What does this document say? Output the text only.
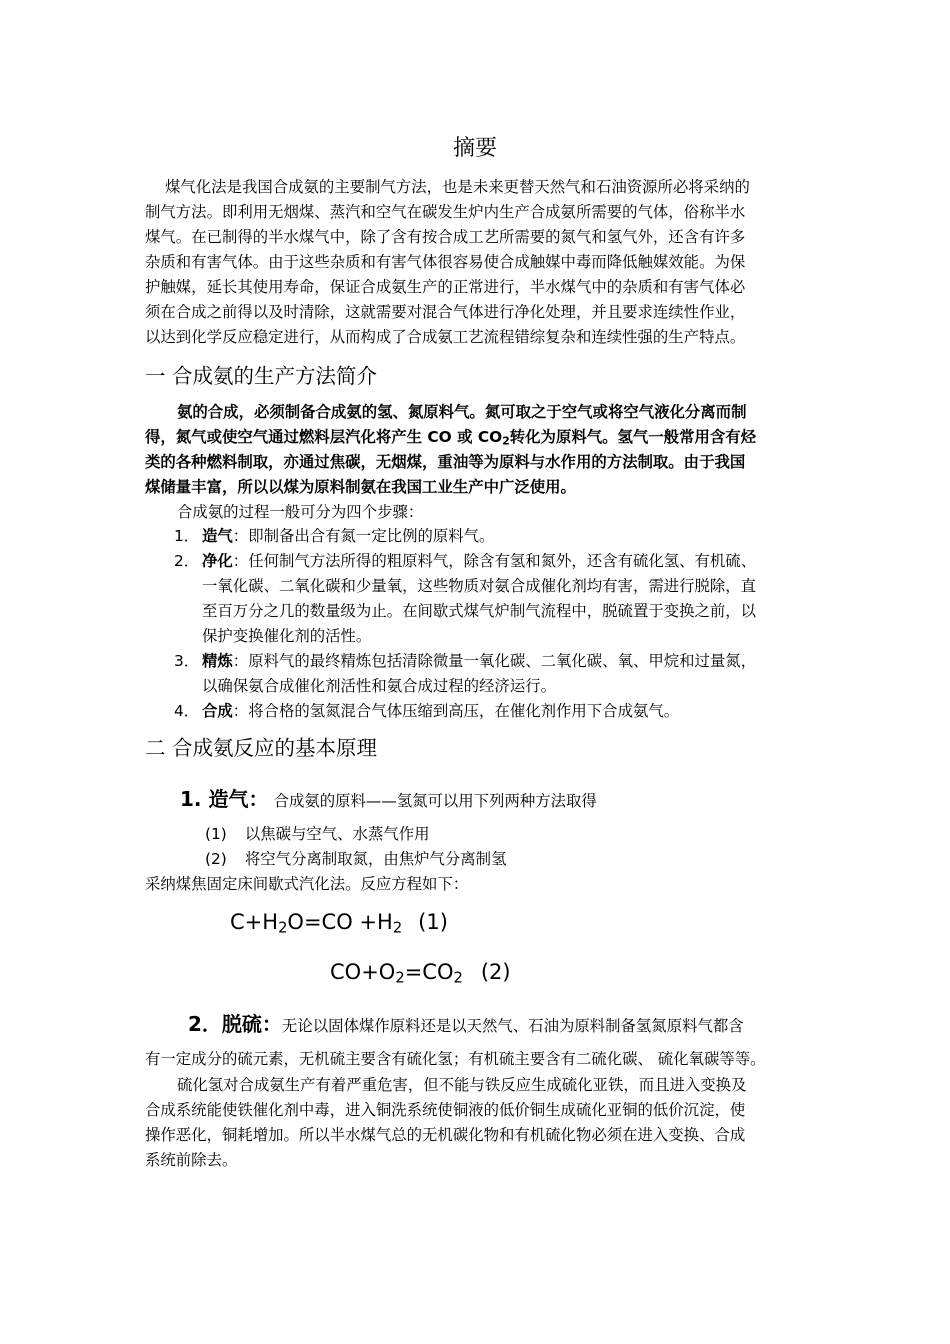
摘要
煤气化法是我国合成氨的主要制气方法，也是未来更替天然气和石油资源所必将采纳的
制气方法。即利用无烟煤、蒸汽和空气在碳发生炉内生产合成氨所需要的气体，俗称半水
煤气。在已制得的半水煤气中，除了含有按合成工艺所需要的氮气和氢气外，还含有许多
杂质和有害气体。由于这些杂质和有害气体很容易使合成触媒中毒而降低触媒效能。为保
护触媒，延长其使用寿命，保证合成氨生产的正常进行，半水煤气中的杂质和有害气体必
须在合成之前得以及时清除，这就需要对混合气体进行净化处理，并且要求连续性作业，
以达到化学反应稳定进行，从而构成了合成氨工艺流程错综复杂和连续性强的生产特点。
一 合成氨的生产方法简介
氨的合成，必须制备合成氨的氢、氮原料气。氮可取之于空气或将空气液化分离而制
得，氮气或使空气通过燃料层汽化将产生 CO 或 $CO_2$转化为原料气。氢气一般常用含有烃
类的各种燃料制取，亦通过焦碳，无烟煤，重油等为原料与水作用的方法制取。由于我国
煤储量丰富，所以以煤为原料制氨在我国工业生产中广泛使用。
合成氨的过程一般可分为四个步骤：
1． 造气：即制备出合有氮一定比例的原料气。
2． 净化：任何制气方法所得的粗原料气，除含有氢和氮外，还含有硫化氢、有机硫、
一氧化碳、二氧化碳和少量氧，这些物质对氨合成催化剂均有害，需进行脱除，直
至百万分之几的数量级为止。在间歇式煤气炉制气流程中，脱硫置于变换之前，以
保护变换催化剂的活性。
3． 精炼：原料气的最终精炼包括清除微量一氧化碳、二氧化碳、氧、甲烷和过量氮，
以确保氨合成催化剂活性和氨合成过程的经济运行。
4． 合成：将合格的氢氮混合气体压缩到高压，在催化剂作用下合成氨气。
二 合成氨反应的基本原理
1. 造气： 合成氨的原料——氢氮可以用下列两种方法取得
(1) 以焦碳与空气、水蒸气作用
(2) 将空气分离制取氮，由焦炉气分离制氢
采纳煤焦固定床间歇式汽化法。反应方程如下：
$C+H_2O=CO +H_2$ (1)
$CO+O_2=CO_2$ (2)
2．脱硫：无论以固体煤作原料还是以天然气、石油为原料制备氢氮原料气都含
有一定成分的硫元素，无机硫主要含有硫化氢；有机硫主要含有二硫化碳、 硫化氧碳等等。
硫化氢对合成氨生产有着严重危害，但不能与铁反应生成硫化亚铁，而且进入变换及
合成系统能使铁催化剂中毒，进入铜洗系统使铜液的低价铜生成硫化亚铜的低价沉淀，使
操作恶化，铜耗增加。所以半水煤气总的无机碳化物和有机硫化物必须在进入变换、合成
系统前除去。
